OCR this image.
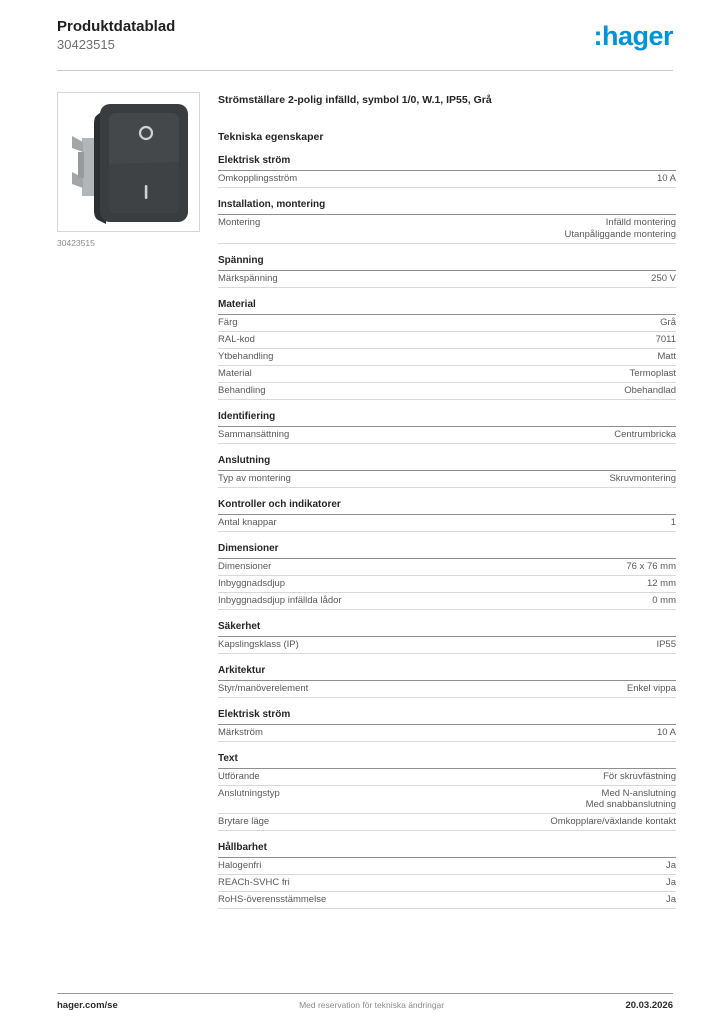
Produktdatablad
30423515	:hager
30423515
Strömställare 2-polig infälld, symbol 1/0, W.1, IP55, Grå
Tekniska egenskaper
Elektrisk ström
Omkopplingsström	10 A
Installation, montering
Montering	Infälld montering
Utanpåliggande montering
Spänning
Märkspänning	250 V
Material
Färg	Grå
RAL-kod	7011
Ytbehandling	Matt
Material	Termoplast
Behandling	Obehandlad
Identifiering
Sammansättning	Centrumbricka
Anslutning
Typ av montering	Skruvmontering
Kontroller och indikatorer
Antal knappar	1
Dimensioner
Dimensioner	76 x 76 mm
Inbyggnadsdjup	12 mm
Inbyggnadsdjup infällda lådor	0 mm
Säkerhet
Kapslingsklass (IP)	IP55
Arkitektur
Styr/manöverelement	Enkel vippa
Elektrisk ström
Märkström	10 A
Text
Utförande	För skruvfästning
Anslutningstyp	Med N-anslutning
Med snabbanslutning
Brytare läge	Omkopplare/växlande kontakt
Hållbarhet
Halogenfri	Ja
REACh-SVHC fri	Ja
RoHS-överensstämmelse	Ja
hager.com/se	Med reservation för tekniska ändringar	20.03.2026
